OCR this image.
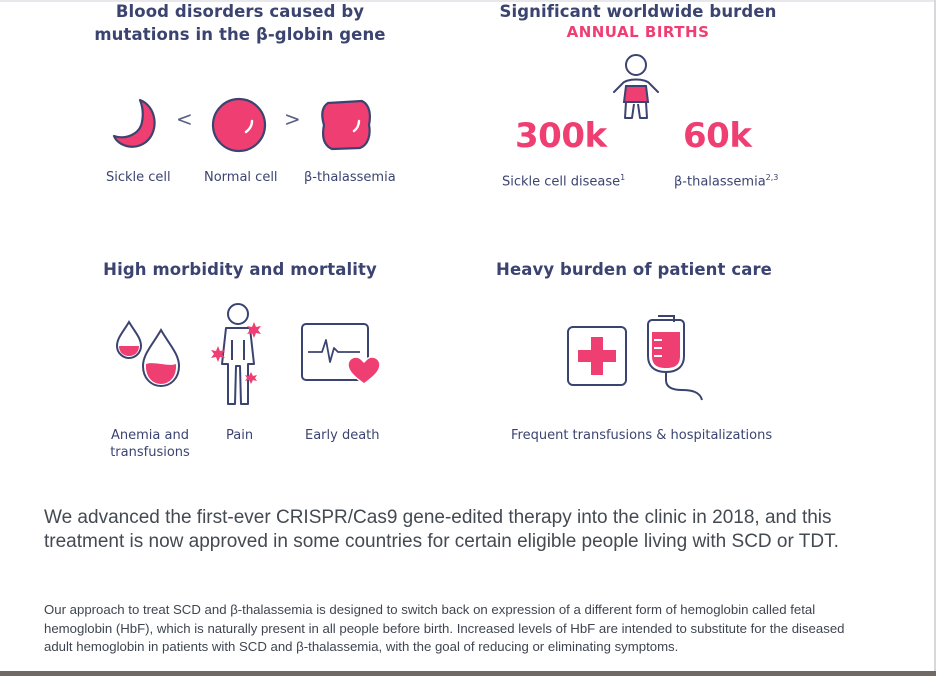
Blood disorders caused by
mutations in the β-globin gene
<	>
Sickle cell	Normal cell β-thalassemia
Significant worldwide burden
ANNUAL BIRTHS
300k 60k
Sickle cell disease$^1$	β-thalassemia$^{2,3}$
High morbidity and mortality
Anemia and
transfusions
Pain	Early death
Heavy burden of patient care
Frequent transfusions & hospitalizations
We advanced the first-ever CRISPR/Cas9 gene-edited therapy into the clinic in 2018, and this treatment is now approved in some countries for certain eligible people living with SCD or TDT.
Our approach to treat SCD and β-thalassemia is designed to switch back on expression of a different form of hemoglobin called fetal hemoglobin (HbF), which is naturally present in all people before birth. Increased levels of HbF are intended to substitute for the diseased adult hemoglobin in patients with SCD and β-thalassemia, with the goal of reducing or eliminating symptoms.
